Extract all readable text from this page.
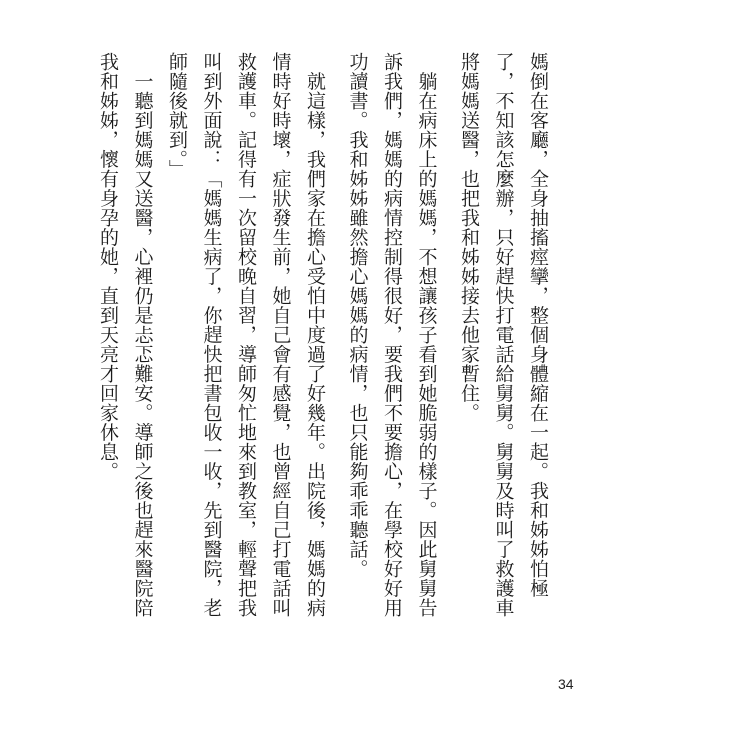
媽倒在客廳，全身抽搐痙攣，整個身體縮在一起。我和姊姊怕極了，不知該怎麼辦，只好趕快打電話給舅舅。舅舅及時叫了救護車將媽媽送醫，也把我和姊姊接去他家暫住。

　躺在病床上的媽媽，不想讓孩子看到她脆弱的樣子。因此舅舅告訴我們，媽媽的病情控制得很好，要我們不要擔心，在學校好好用功讀書。我和姊姊雖然擔心媽媽的病情，也只能夠乖乖聽話。

　就這樣，我們家在擔心受怕中度過了好幾年。出院後，媽媽的病情時好時壞，症狀發生前，她自己會有感覺，也曾經自己打電話叫救護車。記得有一次留校晚自習，導師匆忙地來到教室，輕聲把我叫到外面說：「媽媽生病了，你趕快把書包收一收，先到醫院，老師隨後就到。」

　一聽到媽媽又送醫，心裡仍是忐忑難安。導師之後也趕來醫院陪我和姊姊，懷有身孕的她，直到天亮才回家休息。

34
